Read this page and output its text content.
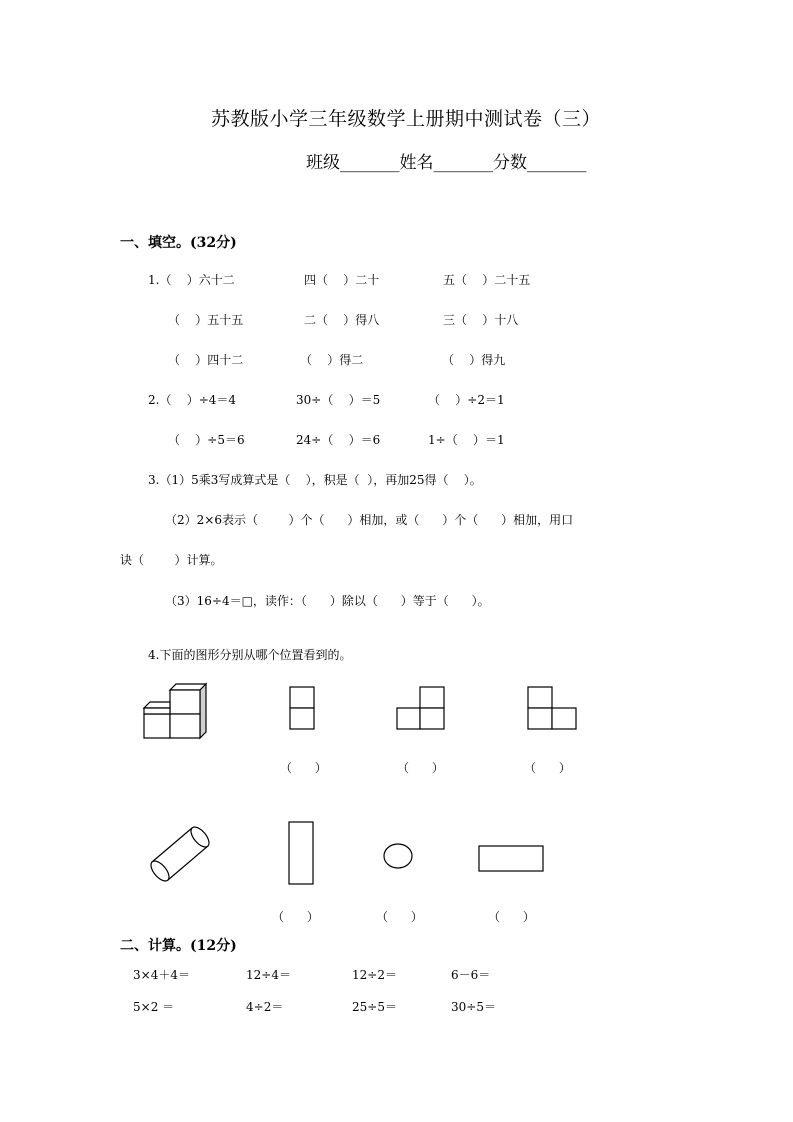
苏教版小学三年级数学上册期中测试卷（三）
班级_______姓名_______分数_______
一、填空。(32分)
1.（    ）六十二	四（    ）二十	五（    ）二十五
（    ）五十五	二（    ）得八	三（    ）十八
（    ）四十二	（    ）得二	（    ）得九
2.（    ）÷4＝4	30÷（    ）＝5	（    ）÷2＝1
（    ）÷5＝6	24÷（    ）＝6	1÷（    ）＝1
3.（1）5乘3写成算式是（    ），积是（  ），再加25得（    ）。
（2）2×6表示（        ）个（      ）相加，或（      ）个（      ）相加，用口
诀（        ）计算。
（3）16÷4＝□，读作：（      ）除以（      ）等于（      ）。
4.下面的图形分别从哪个位置看到的。
（      ）	（      ）	（      ）
（      ）	（      ）	（      ）
二、计算。(12分)
3×4＋4＝	12÷4＝	12÷2＝	6－6＝
5×2 ＝	4÷2＝	25÷5＝	30÷5＝
